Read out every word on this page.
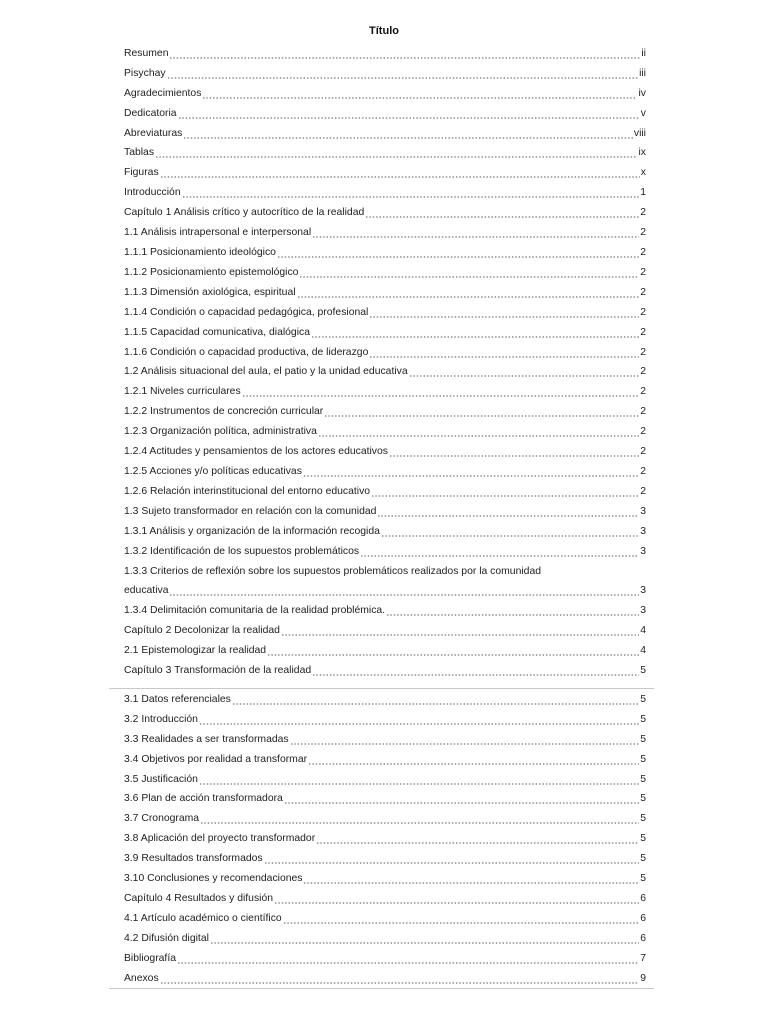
Título
Resumen	ii
Pisychay	iii
Agradecimientos	iv
Dedicatoria	v
Abreviaturas	viii
Tablas	ix
Figuras	x
Introducción	1
Capítulo 1 Análisis crítico y autocrítico de la realidad	2
1.1 Análisis intrapersonal e interpersonal	2
1.1.1 Posicionamiento ideológico	2
1.1.2 Posicionamiento epistemológico	2
1.1.3 Dimensión axiológica, espiritual	2
1.1.4 Condición o capacidad pedagógica, profesional	2
1.1.5 Capacidad comunicativa, dialógica	2
1.1.6 Condición o capacidad productiva, de liderazgo	2
1.2 Análisis situacional del aula, el patio y la unidad educativa	2
1.2.1 Niveles curriculares	2
1.2.2 Instrumentos de concreción curricular	2
1.2.3 Organización política, administrativa	2
1.2.4 Actitudes y pensamientos de los actores educativos	2
1.2.5 Acciones y/o políticas educativas	2
1.2.6 Relación interinstitucional del entorno educativo	2
1.3 Sujeto transformador en relación con la comunidad	3
1.3.1 Análisis y organización de la información recogida	3
1.3.2 Identificación de los supuestos problemáticos	3
1.3.3 Criterios de reflexión sobre los supuestos problemáticos realizados por la comunidad
educativa	3
1.3.4 Delimitación comunitaria de la realidad problémica.	3
Capítulo 2 Decolonizar la realidad	4
2.1 Epistemologizar la realidad	4
Capítulo 3 Transformación de la realidad	5
3.1 Datos referenciales	5
3.2 Introducción	5
3.3 Realidades a ser transformadas	5
3.4 Objetivos por realidad a transformar	5
3.5 Justificación	5
3.6 Plan de acción transformadora	5
3.7 Cronograma	5
3.8 Aplicación del proyecto transformador	5
3.9 Resultados transformados	5
3.10 Conclusiones y recomendaciones	5
Capítulo 4 Resultados y difusión	6
4.1 Artículo académico o científico	6
4.2 Difusión digital	6
Bibliografía	7
Anexos	9
